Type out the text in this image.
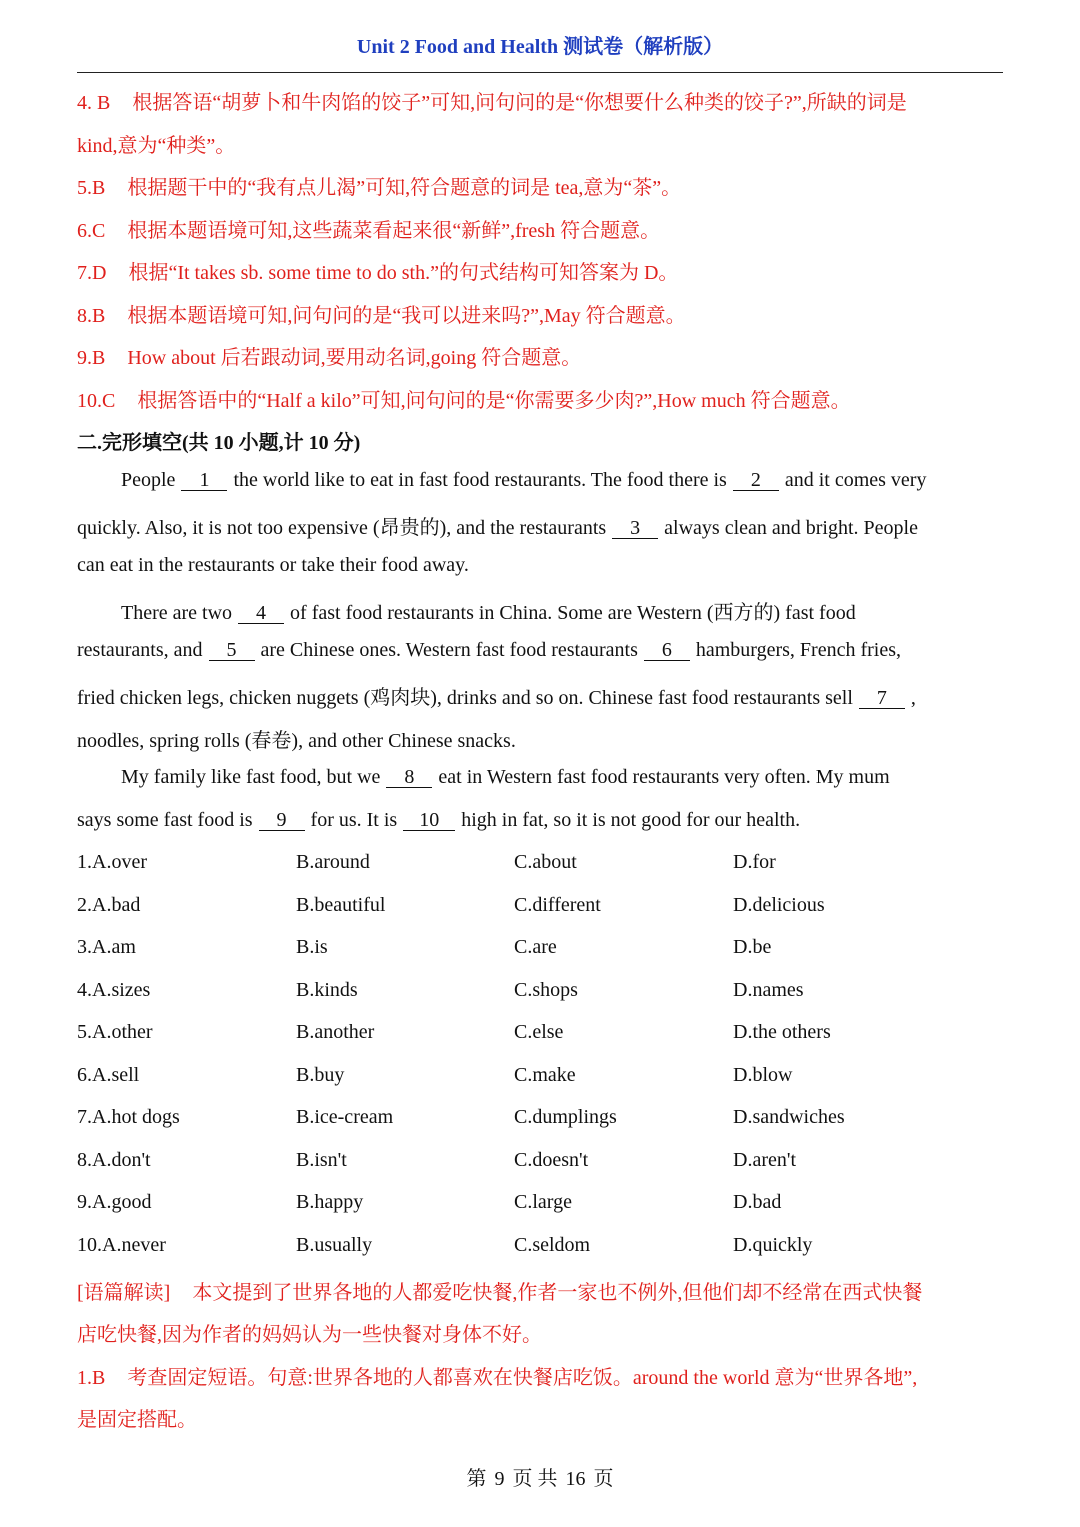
Unit 2 Food and Health 测试卷（解析版）
4. B 根据答语“胡萝卜和牛肉馅的饺子”可知,问句问的是“你想要什么种类的饺子?”,所缺的词是
kind,意为“种类”。
5.B 根据题干中的“我有点儿渴”可知,符合题意的词是 tea,意为“茶”。
6.C 根据本题语境可知,这些蔬菜看起来很“新鲜”,fresh 符合题意。
7.D 根据“It takes sb. some time to do sth.”的句式结构可知答案为 D。
8.B 根据本题语境可知,问句问的是“我可以进来吗?”,May 符合题意。
9.B How about 后若跟动词,要用动名词,going 符合题意。
10.C 根据答语中的“Half a kilo”可知,问句问的是“你需要多少肉?”,How much 符合题意。
二.完形填空(共 10 小题,计 10 分)
People 1 the world like to eat in fast food restaurants. The food there is 2 and it comes very
quickly. Also, it is not too expensive (昂贵的), and the restaurants 3 always clean and bright. People
can eat in the restaurants or take their food away.
There are two 4 of fast food restaurants in China. Some are Western (西方的) fast food
restaurants, and 5 are Chinese ones. Western fast food restaurants 6 hamburgers, French fries,
fried chicken legs, chicken nuggets (鸡肉块), drinks and so on. Chinese fast food restaurants sell 7 ,
noodles, spring rolls (春卷), and other Chinese snacks.
My family like fast food, but we 8 eat in Western fast food restaurants very often. My mum
says some fast food is 9 for us. It is 10 high in fat, so it is not good for our health.
1.A.over	B.around	C.about	D.for
2.A.bad	B.beautiful	C.different	D.delicious
3.A.am	B.is	C.are	D.be
4.A.sizes	B.kinds	C.shops	D.names
5.A.other	B.another	C.else	D.the others
6.A.sell	B.buy	C.make	D.blow
7.A.hot dogs	B.ice-cream	C.dumplings	D.sandwiches
8.A.don't	B.isn't	C.doesn't	D.aren't
9.A.good	B.happy	C.large	D.bad
10.A.never	B.usually	C.seldom	D.quickly
[语篇解读] 本文提到了世界各地的人都爱吃快餐,作者一家也不例外,但他们却不经常在西式快餐
店吃快餐,因为作者的妈妈认为一些快餐对身体不好。
1.B 考查固定短语。句意:世界各地的人都喜欢在快餐店吃饭。around the world 意为“世界各地”,
是固定搭配。
第 9 页 共 16 页
